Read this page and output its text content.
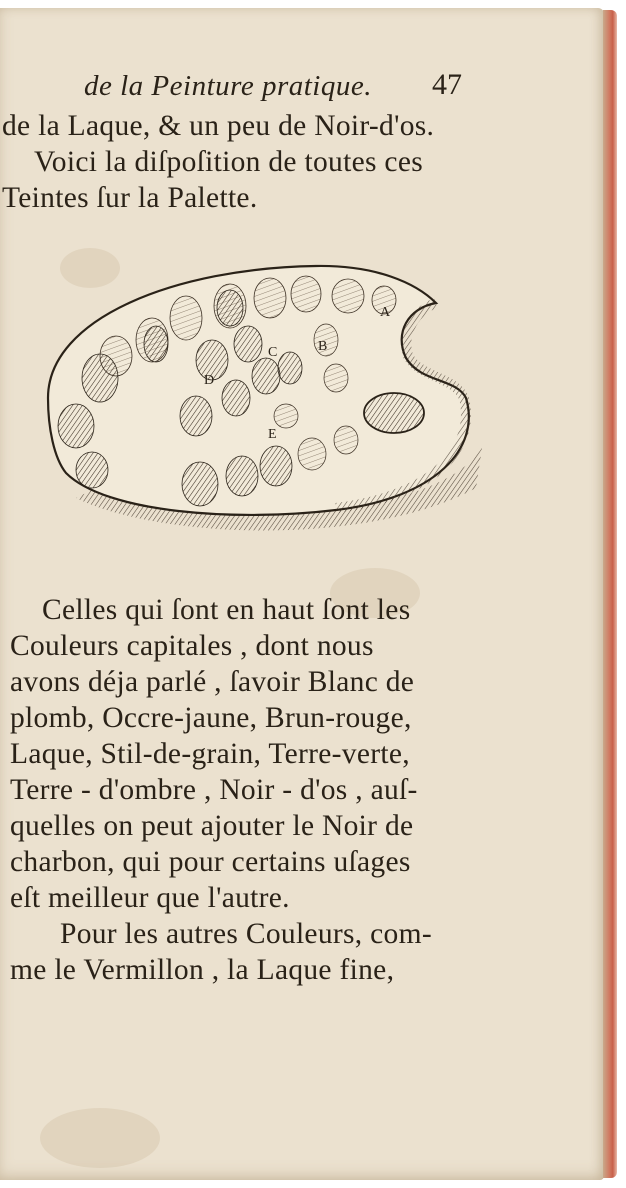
de la Peinture pratique. 47
de la Laque, & un peu de Noir-d'os.
Voici la diſpoſition de toutes ces
Teintes ſur la Palette.
A
B
C
D
E
Celles qui ſont en haut ſont les
Couleurs capitales , dont nous
avons déja parlé , ſavoir Blanc de
plomb, Occre-jaune, Brun-rouge,
Laque, Stil-de-grain, Terre-verte,
Terre - d'ombre , Noir - d'os , auſ-
quelles on peut ajouter le Noir de
charbon, qui pour certains uſages
eſt meilleur que l'autre.
Pour les autres Couleurs, com-
me le Vermillon , la Laque fine,
